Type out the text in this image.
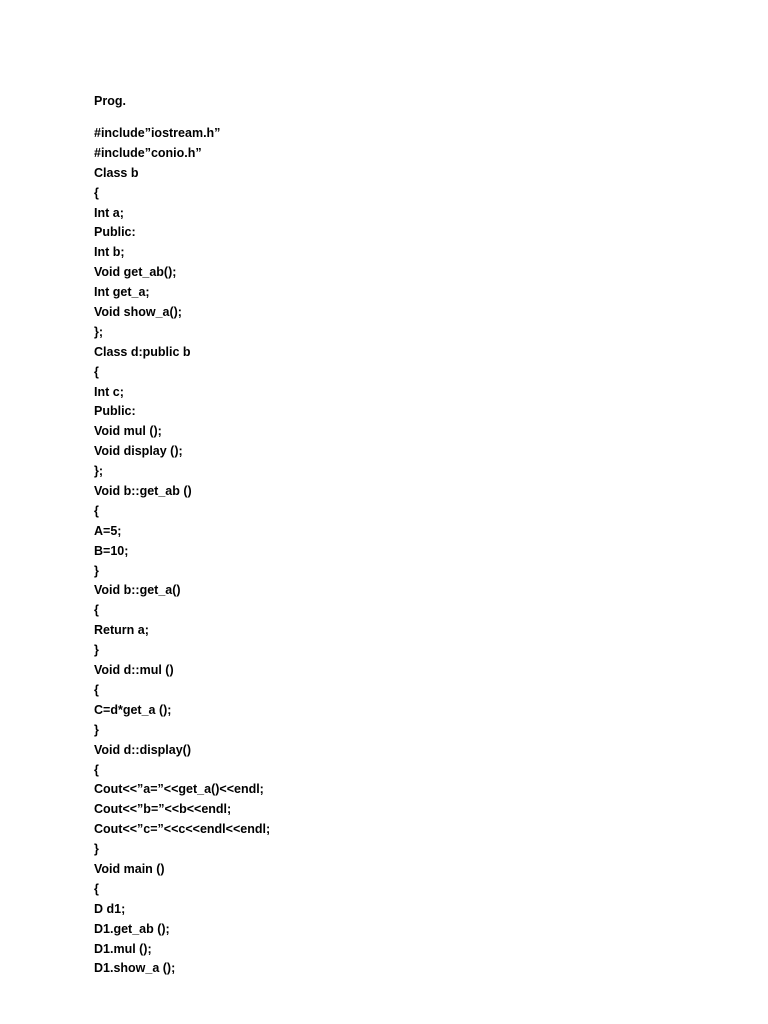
Prog.
#include”iostream.h”
#include”conio.h”
Class b
{
Int a;
Public:
Int b;
Void get_ab();
Int get_a;
Void show_a();
};
Class d:public b
{
Int c;
Public:
Void mul ();
Void display ();
};
Void b::get_ab ()
{
A=5;
B=10;
}
Void b::get_a()
{
Return a;
}
Void d::mul ()
{
C=d*get_a ();
}
Void d::display()
{
Cout<<”a=”<<get_a()<<endl;
Cout<<”b=”<<b<<endl;
Cout<<”c=”<<c<<endl<<endl;
}
Void main ()
{
D d1;
D1.get_ab ();
D1.mul ();
D1.show_a ();
